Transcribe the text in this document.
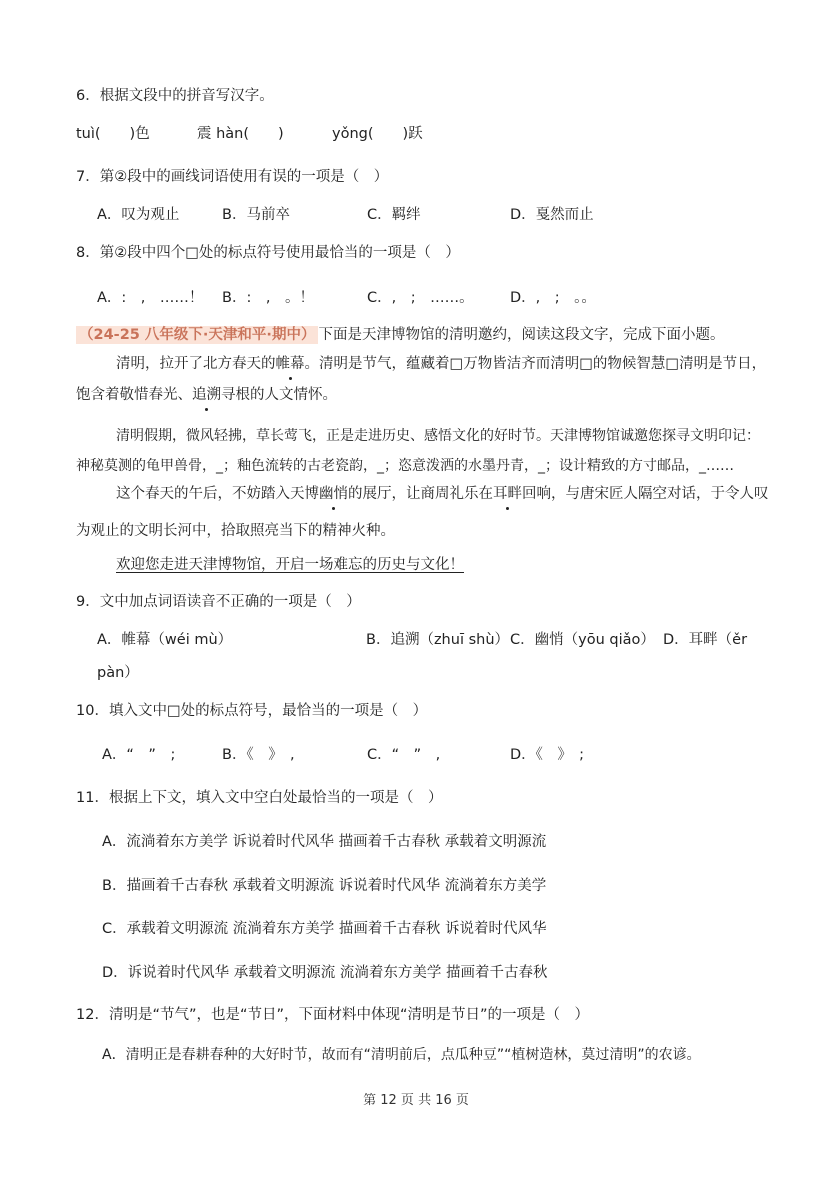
6．根据文段中的拼音写汉字。
tuì(　　)色	震 hàn(　　)	yǒng(　　)跃
7．第②段中的画线词语使用有误的一项是（　）
A．叹为观止	B．马前卒	C．羁绊	D．戛然而止
8．第②段中四个□处的标点符号使用最恰当的一项是（　）
A．:　,　……！ B．:　,　。！	C．,　;　……。	D．,　;　。。
（24-25 八年级下·天津和平·期中） 下面是天津博物馆的清明邀约，阅读这段文字，完成下面小题。
清明，拉开了北方春天的帷幕。清明是节气，蕴藏着□万物皆洁齐而清明□的物候智慧□清明是节日，
饱含着敬惜春光、追溯寻根的人文情怀。
清明假期，微风轻拂，草长莺飞，正是走进历史、感悟文化的好时节。天津博物馆诚邀您探寻文明印记：
神秘莫测的龟甲兽骨，_；釉色流转的古老瓷韵，_；恣意泼洒的水墨丹青，_；设计精致的方寸邮品，_……
这个春天的午后，不妨踏入天博幽悄的展厅，让商周礼乐在耳畔回响，与唐宋匠人隔空对话，于令人叹
为观止的文明长河中，拾取照亮当下的精神火种。
欢迎您走进天津博物馆，开启一场难忘的历史与文化！
9．文中加点词语读音不正确的一项是（　）
A．帷幕（wéi mù）	B．追溯（zhuī shù） C．幽悄（yōu qiǎo） D．耳畔（ěr
pàn）
10．填入文中□处的标点符号，最恰当的一项是（　）
A．“　”　;	B．《　》　,	C．“　”　,	D．《　》　;
11．根据上下文，填入文中空白处最恰当的一项是（　）
A．流淌着东方美学 诉说着时代风华 描画着千古春秋 承载着文明源流
B．描画着千古春秋 承载着文明源流 诉说着时代风华 流淌着东方美学
C．承载着文明源流 流淌着东方美学 描画着千古春秋 诉说着时代风华
D．诉说着时代风华 承载着文明源流 流淌着东方美学 描画着千古春秋
12．清明是“节气”，也是“节日”，下面材料中体现“清明是节日”的一项是（　）
A．清明正是春耕春种的大好时节，故而有“清明前后，点瓜种豆”“植树造林，莫过清明”的农谚。
第 12 页 共 16 页
